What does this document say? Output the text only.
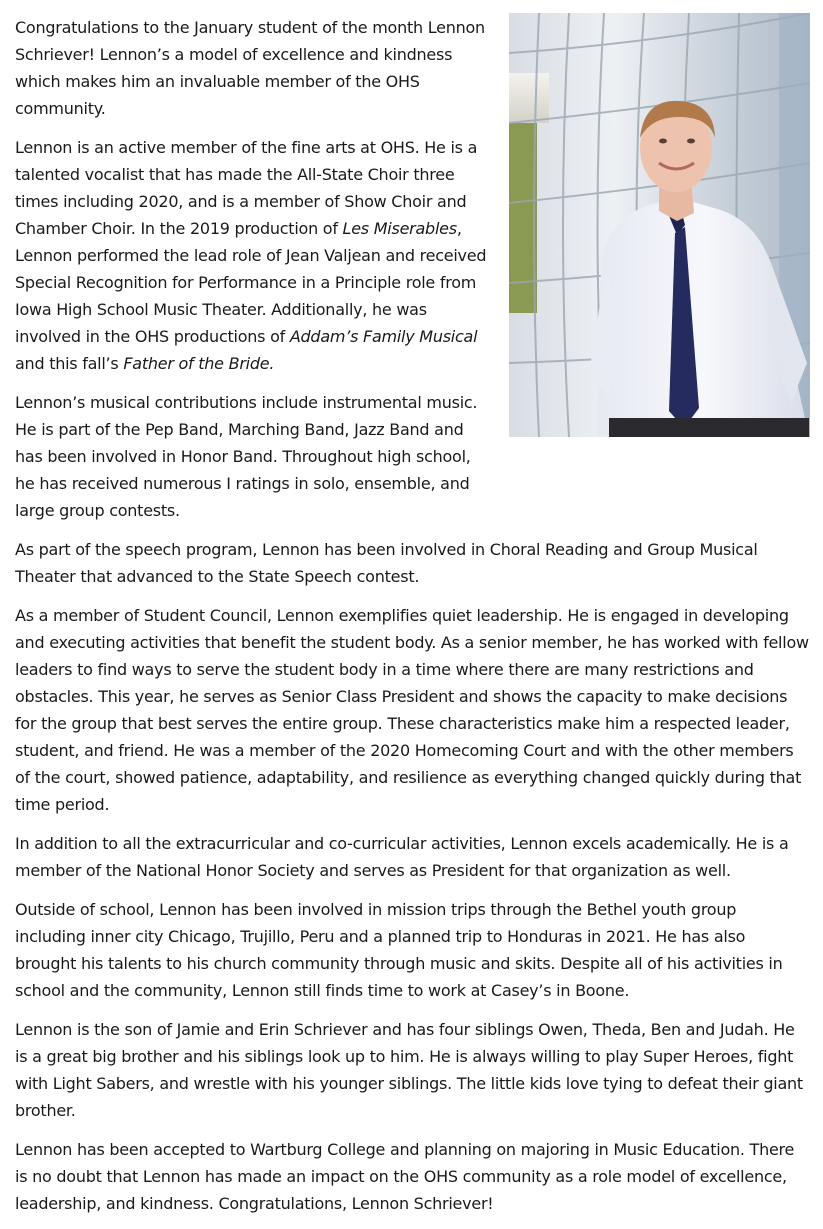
Congratulations to the January student of the month Lennon Schriever! Lennon’s a model of excellence and kindness which makes him an invaluable member of the OHS community.

Lennon is an active member of the fine arts at OHS. He is a talented vocalist that has made the All-State Choir three times including 2020, and is a member of Show Choir and Chamber Choir. In the 2019 production of Les Miserables, Lennon performed the lead role of Jean Valjean and received Special Recognition for Performance in a Principle role from Iowa High School Music Theater. Additionally, he was involved in the OHS productions of Addam’s Family Musical and this fall’s Father of the Bride.

Lennon’s musical contributions include instrumental music. He is part of the Pep Band, Marching Band, Jazz Band and has been involved in Honor Band. Throughout high school, he has received numerous I ratings in solo, ensemble, and large group contests.

As part of the speech program, Lennon has been involved in Choral Reading and Group Musical Theater that advanced to the State Speech contest.

As a member of Student Council, Lennon exemplifies quiet leadership. He is engaged in developing and executing activities that benefit the student body. As a senior member, he has worked with fellow leaders to find ways to serve the student body in a time where there are many restrictions and obstacles. This year, he serves as Senior Class President and shows the capacity to make decisions for the group that best serves the entire group. These characteristics make him a respected leader, student, and friend. He was a member of the 2020 Homecoming Court and with the other members of the court, showed patience, adaptability, and resilience as everything changed quickly during that time period.

In addition to all the extracurricular and co-curricular activities, Lennon excels academically. He is a member of the National Honor Society and serves as President for that organization as well.

Outside of school, Lennon has been involved in mission trips through the Bethel youth group including inner city Chicago, Trujillo, Peru and a planned trip to Honduras in 2021. He has also brought his talents to his church community through music and skits. Despite all of his activities in school and the community, Lennon still finds time to work at Casey’s in Boone.

Lennon is the son of Jamie and Erin Schriever and has four siblings Owen, Theda, Ben and Judah. He is a great big brother and his siblings look up to him. He is always willing to play Super Heroes, fight with Light Sabers, and wrestle with his younger siblings. The little kids love tying to defeat their giant brother.

Lennon has been accepted to Wartburg College and planning on majoring in Music Education. There is no doubt that Lennon has made an impact on the OHS community as a role model of excellence, leadership, and kindness. Congratulations, Lennon Schriever!
